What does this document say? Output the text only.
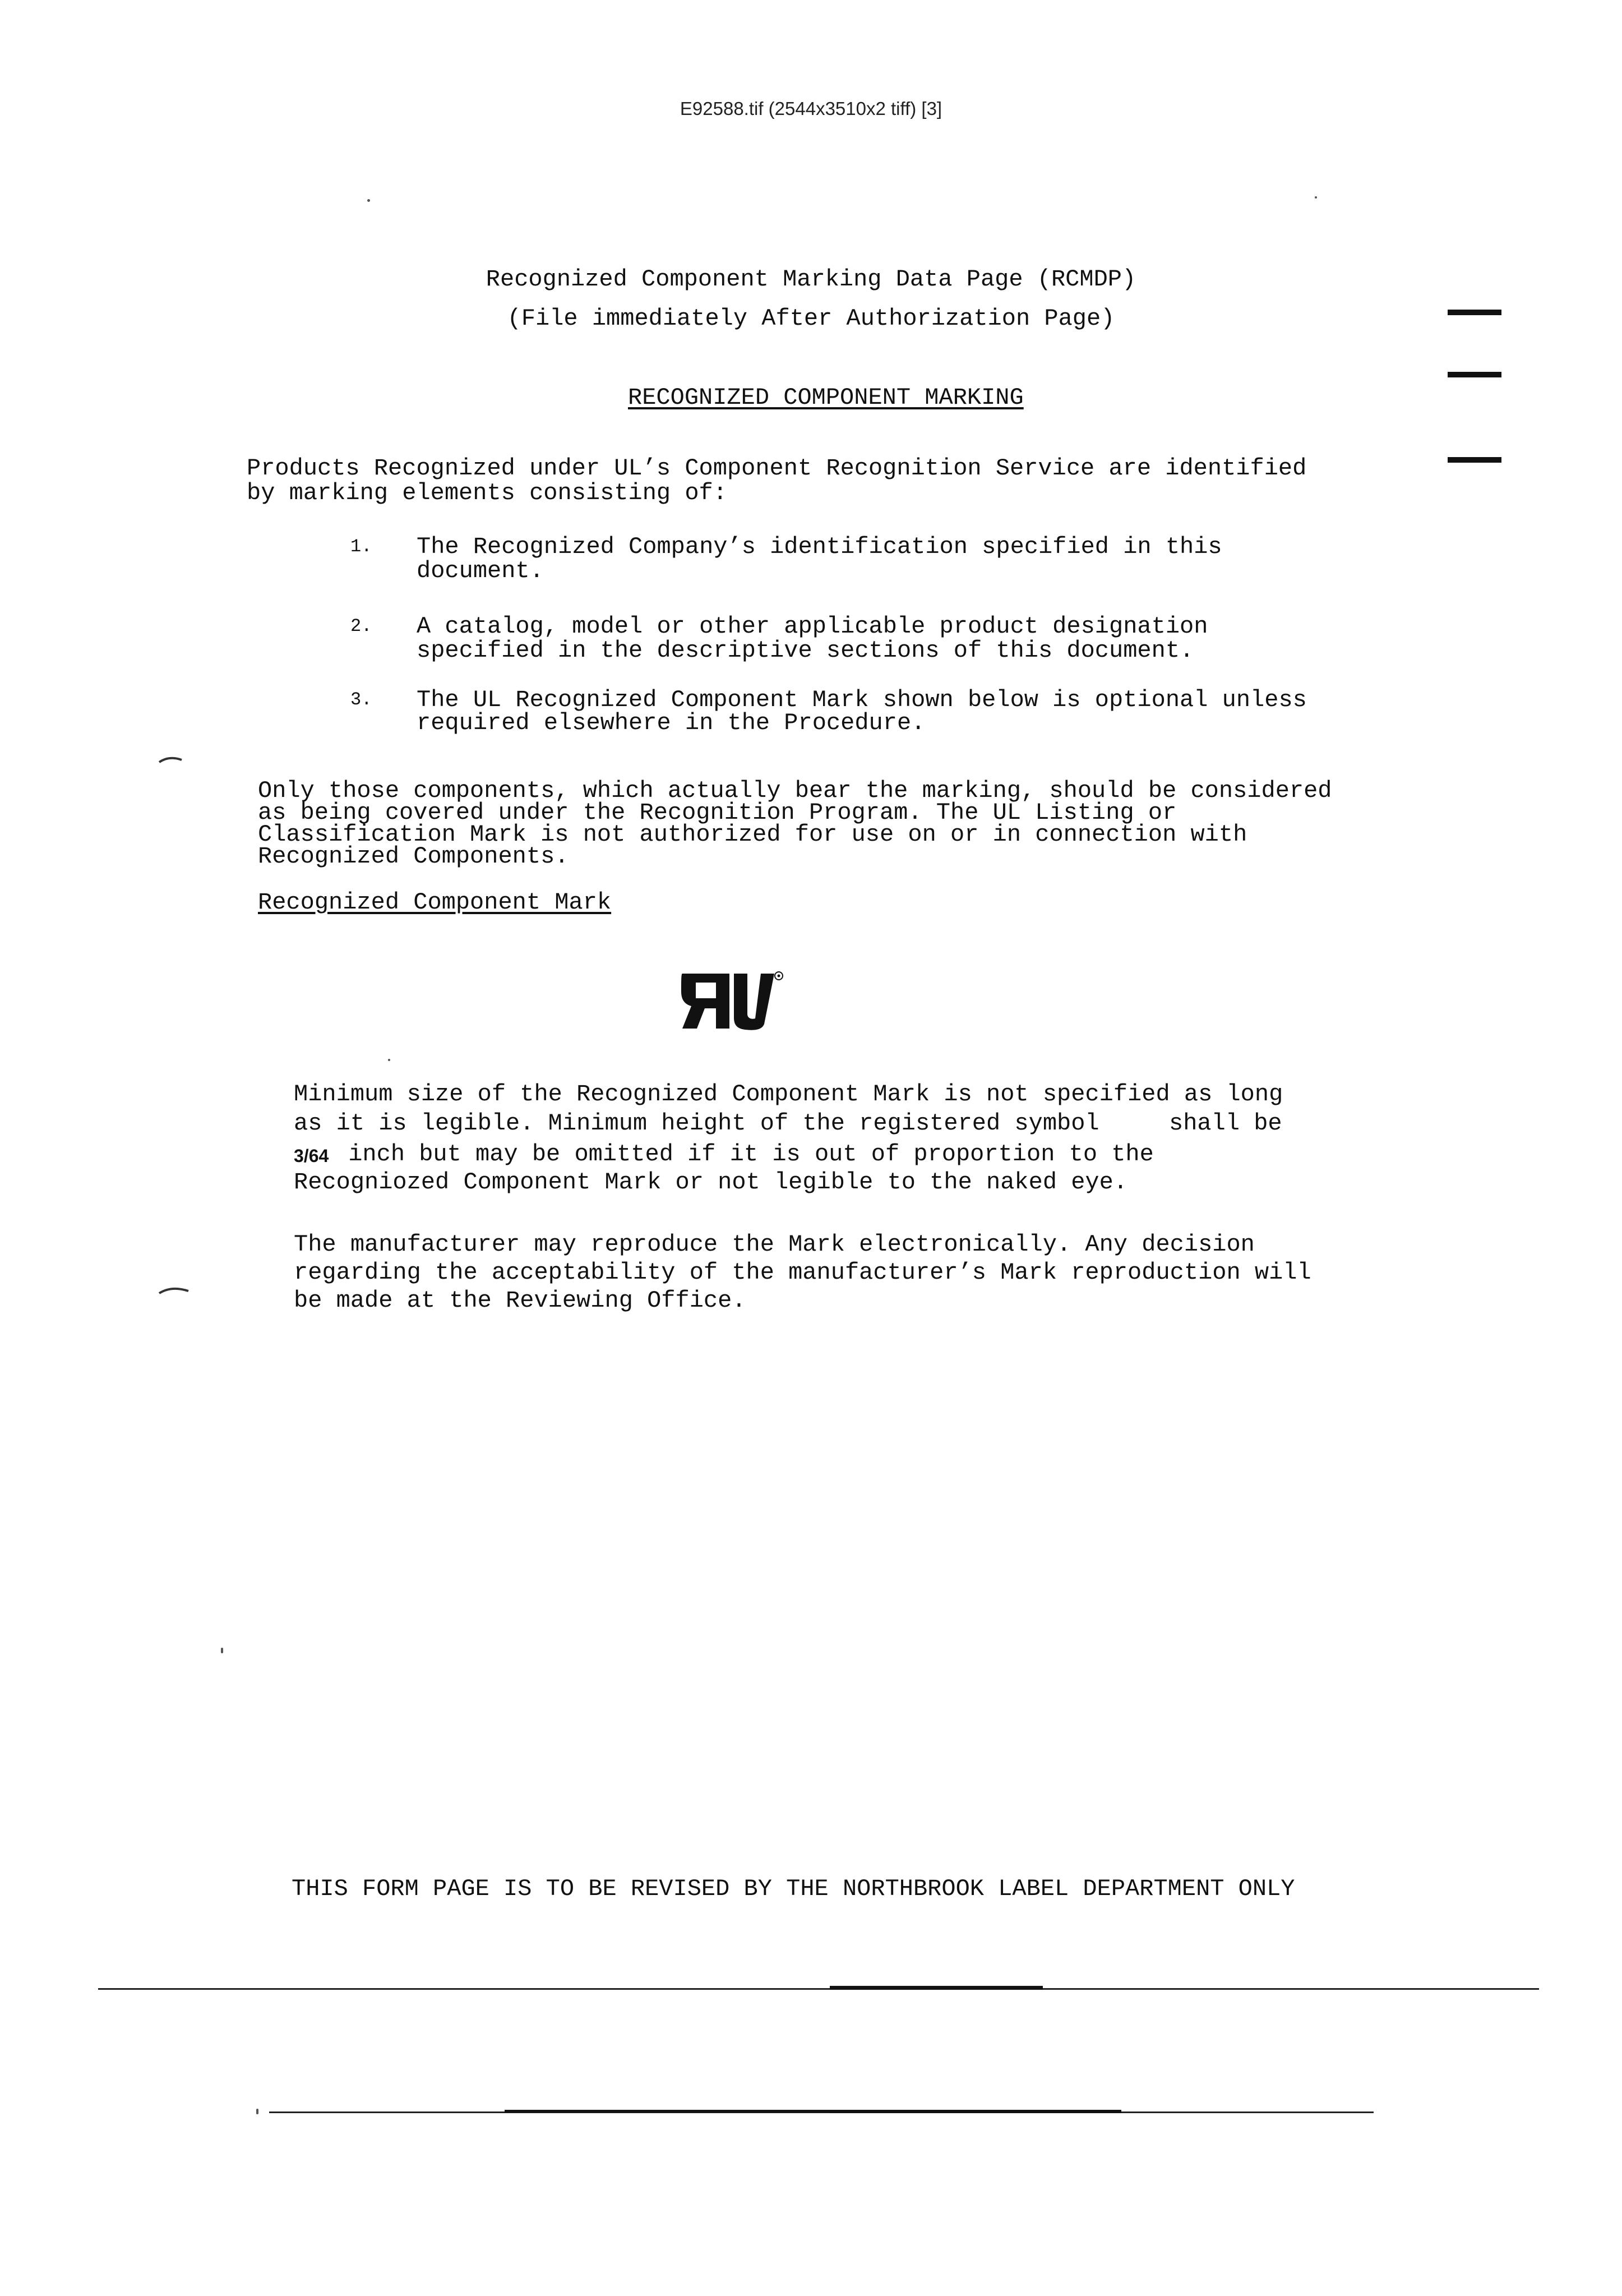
E92588.tif (2544x3510x2 tiff) [3]
Recognized Component Marking Data Page (RCMDP)
(File immediately After Authorization Page)
RECOGNIZED COMPONENT MARKING
Products Recognized under UL’s Component Recognition Service are identified
by marking elements consisting of:
1. The Recognized Company’s identification specified in this
document.
2. A catalog, model or other applicable product designation
specified in the descriptive sections of this document.
3. The UL Recognized Component Mark shown below is optional unless
required elsewhere in the Procedure.
Only those components, which actually bear the marking, should be considered
as being covered under the Recognition Program. The UL Listing or
Classification Mark is not authorized for use on or in connection with
Recognized Components.
Recognized Component Mark
Minimum size of the Recognized Component Mark is not specified as long
as it is legible. Minimum height of the registered symbol	shall be
3/64 inch but may be omitted if it is out of proportion to the
Recogniozed Component Mark or not legible to the naked eye.
The manufacturer may reproduce the Mark electronically. Any decision
regarding the acceptability of the manufacturer’s Mark reproduction will
be made at the Reviewing Office.
THIS FORM PAGE IS TO BE REVISED BY THE NORTHBROOK LABEL DEPARTMENT ONLY
